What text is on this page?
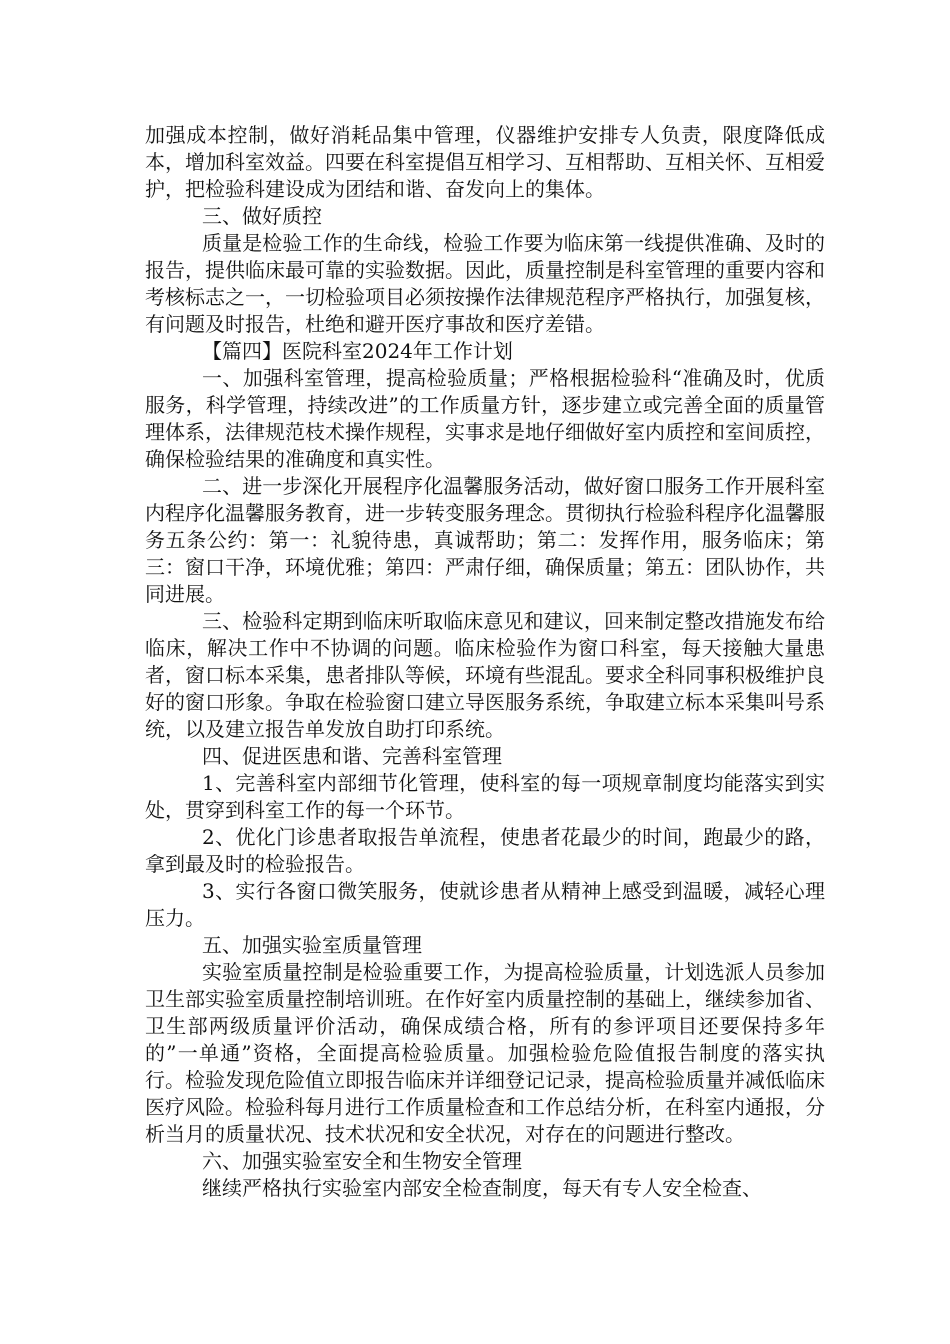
加强成本控制，做好消耗品集中管理，仪器维护安排专人负责，限度降低成本，增加科室效益。四要在科室提倡互相学习、互相帮助、互相关怀、互相爱护，把检验科建设成为团结和谐、奋发向上的集体。

三、做好质控

质量是检验工作的生命线，检验工作要为临床第一线提供准确、及时的报告，提供临床最可靠的实验数据。因此，质量控制是科室管理的重要内容和考核标志之一，一切检验项目必须按操作法律规范程序严格执行，加强复核，有问题及时报告，杜绝和避开医疗事故和医疗差错。

【篇四】医院科室2024年工作计划

一、加强科室管理，提高检验质量；严格根据检验科“准确及时，优质服务，科学管理，持续改进”的工作质量方针，逐步建立或完善全面的质量管理体系，法律规范枝术操作规程，实事求是地仔细做好室内质控和室间质控，确保检验结果的准确度和真实性。

二、进一步深化开展程序化温馨服务活动，做好窗口服务工作开展科室内程序化温馨服务教育，进一步转变服务理念。贯彻执行检验科程序化温馨服务五条公约：第一：礼貌待患，真诚帮助；第二：发挥作用，服务临床；第三：窗口干净，环境优雅；第四：严肃仔细，确保质量；第五：团队协作，共同进展。

三、检验科定期到临床听取临床意见和建议，回来制定整改措施发布给临床，解决工作中不协调的问题。临床检验作为窗口科室，每天接触大量患者，窗口标本采集，患者排队等候，环境有些混乱。要求全科同事积极维护良好的窗口形象。争取在检验窗口建立导医服务系统，争取建立标本采集叫号系统，以及建立报告单发放自助打印系统。

四、促进医患和谐、完善科室管理

1、完善科室内部细节化管理，使科室的每一项规章制度均能落实到实处，贯穿到科室工作的每一个环节。

2、优化门诊患者取报告单流程，使患者花最少的时间，跑最少的路，拿到最及时的检验报告。

3、实行各窗口微笑服务，使就诊患者从精神上感受到温暖，减轻心理压力。

五、加强实验室质量管理

实验室质量控制是检验重要工作，为提高检验质量，计划选派人员参加卫生部实验室质量控制培训班。在作好室内质量控制的基础上，继续参加省、卫生部两级质量评价活动，确保成绩合格，所有的参评项目还要保持多年的”一单通”资格，全面提高检验质量。加强检验危险值报告制度的落实执行。检验发现危险值立即报告临床并详细登记记录，提高检验质量并减低临床医疗风险。检验科每月进行工作质量检查和工作总结分析，在科室内通报，分析当月的质量状况、技术状况和安全状况，对存在的问题进行整改。

六、加强实验室安全和生物安全管理

继续严格执行实验室内部安全检查制度，每天有专人安全检查、
